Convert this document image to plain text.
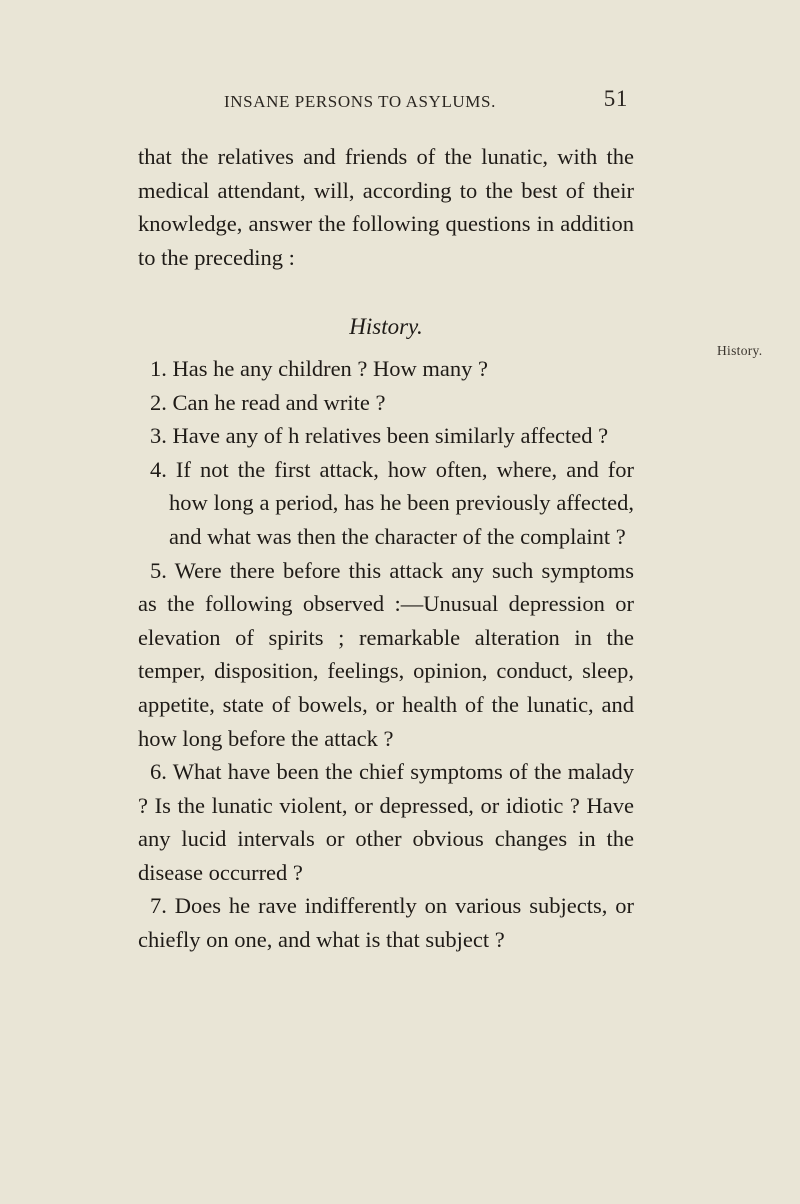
INSANE PERSONS TO ASYLUMS.	51
History.

that the relatives and friends of the lunatic, with the medical attendant, will, according to the best of their knowledge, answer the following questions in addition to the preceding :

History.

1. Has he any children ? How many ?

2. Can he read and write ?

3. Have any of h relatives been similarly affected ?

4. If not the first attack, how often, where, and for how long a period, has he been previously affected, and what was then the character of the complaint ?

5. Were there before this attack any such symptoms as the following observed :—Unusual depression or elevation of spirits ; remarkable alteration in the temper, disposition, feelings, opinion, conduct, sleep, appetite, state of bowels, or health of the lunatic, and how long before the attack ?

6. What have been the chief symptoms of the malady ? Is the lunatic violent, or depressed, or idiotic ? Have any lucid intervals or other obvious changes in the disease occurred ?

7. Does he rave indifferently on various subjects, or chiefly on one, and what is that subject ?
